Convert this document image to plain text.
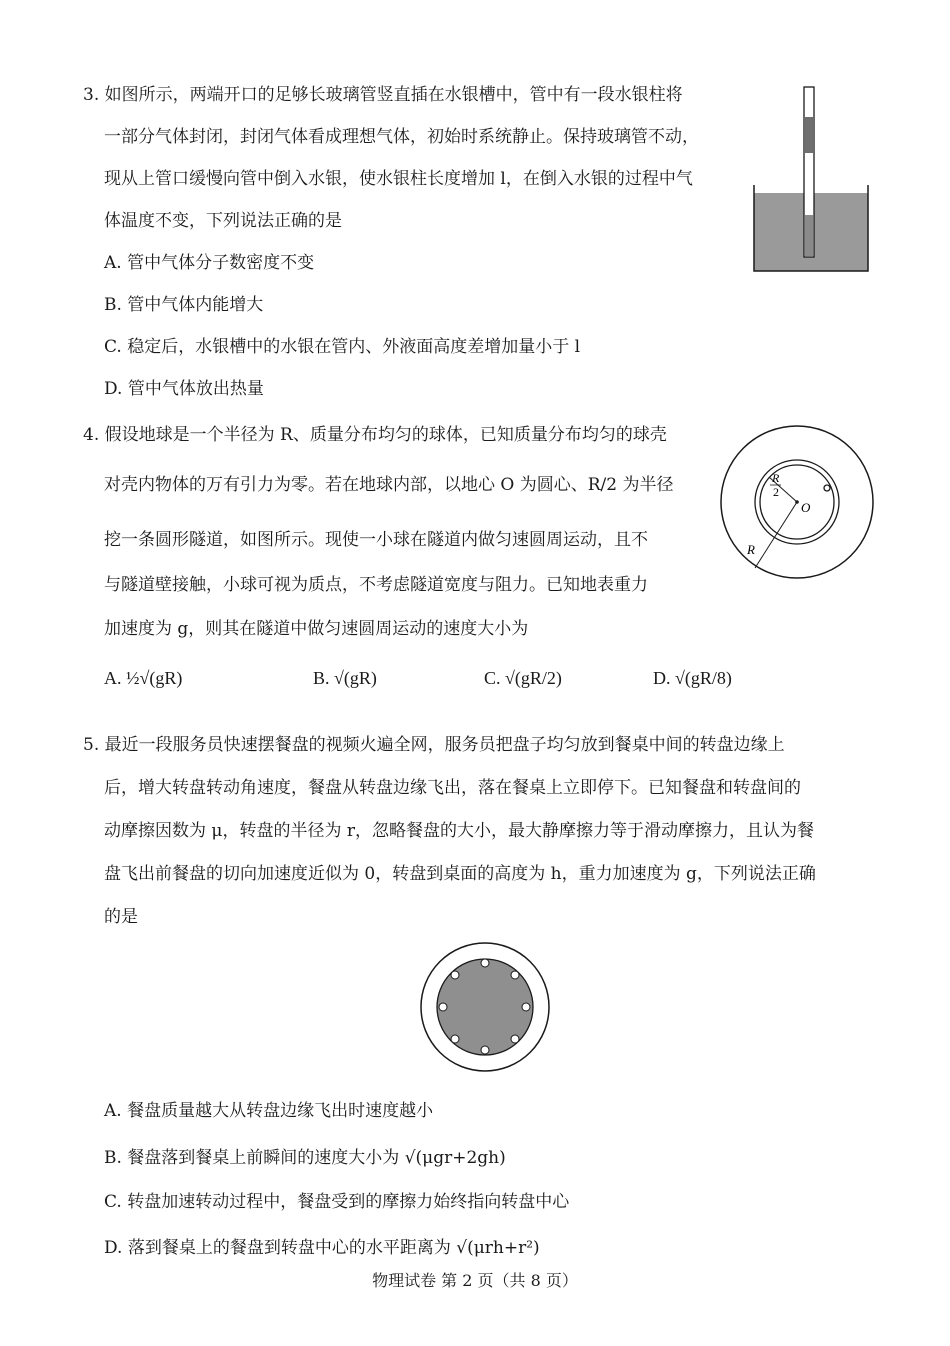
3. 如图所示，两端开口的足够长玻璃管竖直插在水银槽中，管中有一段水银柱将
一部分气体封闭，封闭气体看成理想气体，初始时系统静止。保持玻璃管不动，
现从上管口缓慢向管中倒入水银，使水银柱长度增加 l，在倒入水银的过程中气
体温度不变，下列说法正确的是
A. 管中气体分子数密度不变
B. 管中气体内能增大
C. 稳定后，水银槽中的水银在管内、外液面高度差增加量小于 l
D. 管中气体放出热量
4. 假设地球是一个半径为 R、质量分布均匀的球体，已知质量分布均匀的球壳
对壳内物体的万有引力为零。若在地球内部，以地心 O 为圆心、R/2 为半径
挖一条圆形隧道，如图所示。现使一小球在隧道内做匀速圆周运动，且不
与隧道壁接触，小球可视为质点，不考虑隧道宽度与阻力。已知地表重力
加速度为 g，则其在隧道中做匀速圆周运动的速度大小为
A. ½√(gR)	B. √(gR)	C. √(gR/2)	D. √(gR/8)
O
R
2
R
5. 最近一段服务员快速摆餐盘的视频火遍全网，服务员把盘子均匀放到餐桌中间的转盘边缘上
后，增大转盘转动角速度，餐盘从转盘边缘飞出，落在餐桌上立即停下。已知餐盘和转盘间的
动摩擦因数为 μ，转盘的半径为 r，忽略餐盘的大小，最大静摩擦力等于滑动摩擦力，且认为餐
盘飞出前餐盘的切向加速度近似为 0，转盘到桌面的高度为 h，重力加速度为 g，下列说法正确
的是
A. 餐盘质量越大从转盘边缘飞出时速度越小
B. 餐盘落到餐桌上前瞬间的速度大小为 √(μgr+2gh)
C. 转盘加速转动过程中，餐盘受到的摩擦力始终指向转盘中心
D. 落到餐桌上的餐盘到转盘中心的水平距离为 √(μrh+r²)
物理试卷 第 2 页（共 8 页）
